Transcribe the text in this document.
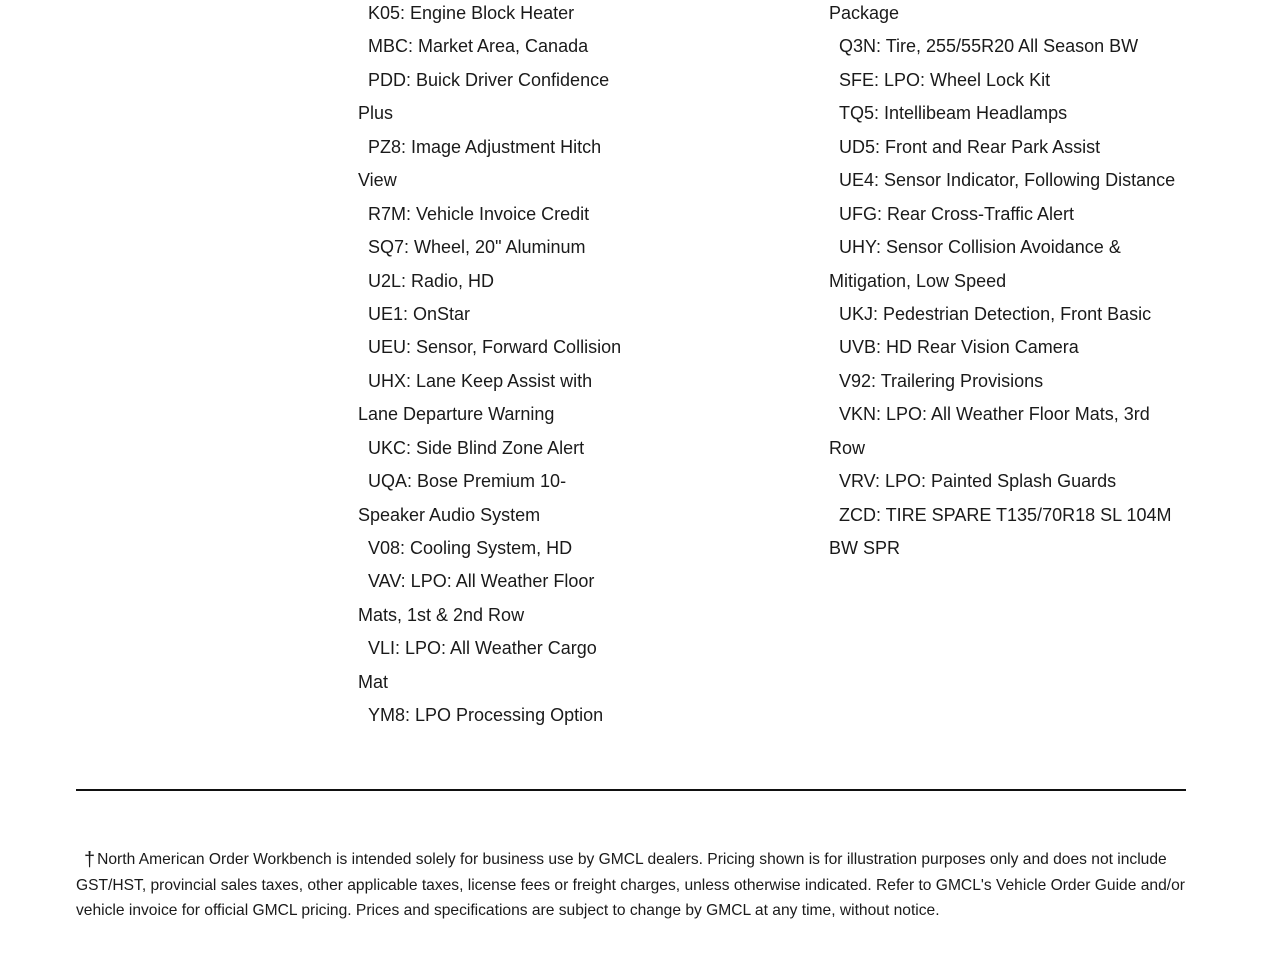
K05: Engine Block Heater
MBC: Market Area, Canada
PDD: Buick Driver Confidence
Plus
PZ8: Image Adjustment Hitch
View
R7M: Vehicle Invoice Credit
SQ7: Wheel, 20" Aluminum
U2L: Radio, HD
UE1: OnStar
UEU: Sensor, Forward Collision
UHX: Lane Keep Assist with
Lane Departure Warning
UKC: Side Blind Zone Alert
UQA: Bose Premium 10-
Speaker Audio System
V08: Cooling System, HD
VAV: LPO: All Weather Floor
Mats, 1st & 2nd Row
VLI: LPO: All Weather Cargo
Mat
YM8: LPO Processing Option
Package
Q3N: Tire, 255/55R20 All Season BW
SFE: LPO: Wheel Lock Kit
TQ5: Intellibeam Headlamps
UD5: Front and Rear Park Assist
UE4: Sensor Indicator, Following Distance
UFG: Rear Cross-Traffic Alert
UHY: Sensor Collision Avoidance &
Mitigation, Low Speed
UKJ: Pedestrian Detection, Front Basic
UVB: HD Rear Vision Camera
V92: Trailering Provisions
VKN: LPO: All Weather Floor Mats, 3rd
Row
VRV: LPO: Painted Splash Guards
ZCD: TIRE SPARE T135/70R18 SL 104M
BW SPR

† North American Order Workbench is intended solely for business use by GMCL dealers. Pricing shown is for illustration purposes only and does not include GST/HST, provincial sales taxes, other applicable taxes, license fees or freight charges, unless otherwise indicated. Refer to GMCL's Vehicle Order Guide and/or vehicle invoice for official GMCL pricing. Prices and specifications are subject to change by GMCL at any time, without notice.
